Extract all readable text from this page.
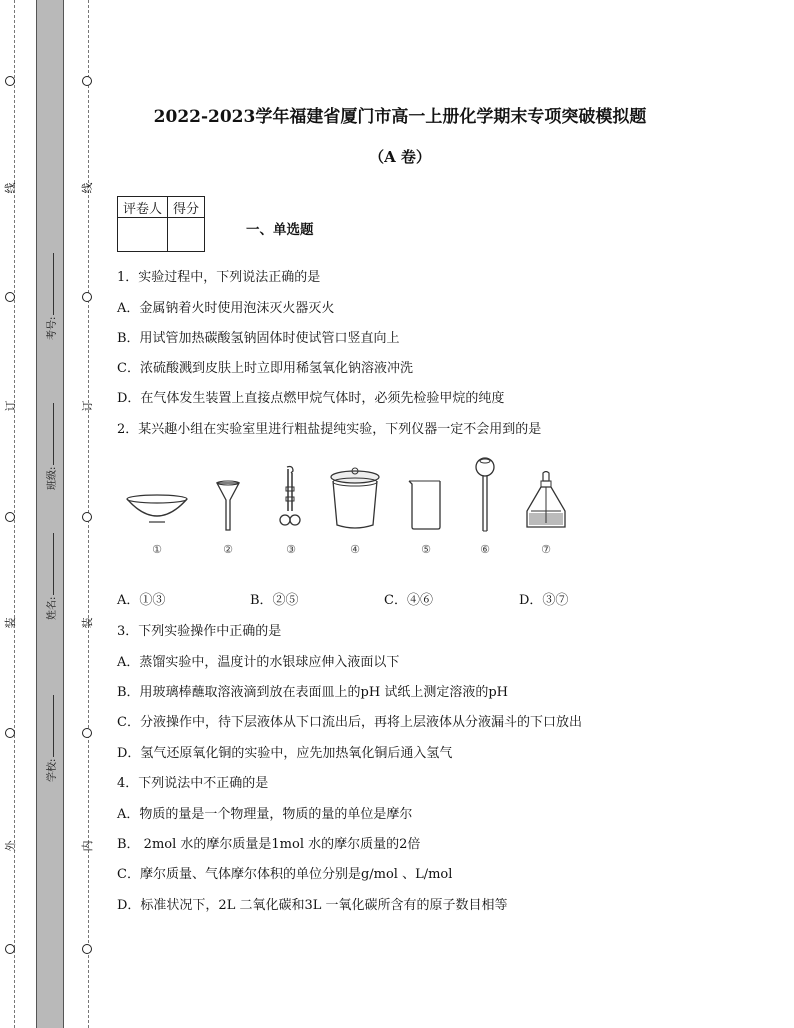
线
订
装
外
线
订
装
内
考号:
班级:
姓名:
学校:
2022-2023学年福建省厦门市高一上册化学期末专项突破模拟题
（A 卷）
评卷人	得分

一、单选题
1．实验过程中，下列说法正确的是
A．金属钠着火时使用泡沫灭火器灭火
B．用试管加热碳酸氢钠固体时使试管口竖直向上
C．浓硫酸溅到皮肤上时立即用稀氢氧化钠溶液冲洗
D．在气体发生装置上直接点燃甲烷气体时，必须先检验甲烷的纯度
2．某兴趣小组在实验室里进行粗盐提纯实验，下列仪器一定不会用到的是
①	②	③	④	⑤	⑥	⑦
A．①③	B．②⑤	C．④⑥	D．③⑦
3．下列实验操作中正确的是
A．蒸馏实验中，温度计的水银球应伸入液面以下
B．用玻璃棒蘸取溶液滴到放在表面皿上的pH 试纸上测定溶液的pH
C．分液操作中，待下层液体从下口流出后，再将上层液体从分液漏斗的下口放出
D．氢气还原氧化铜的实验中，应先加热氧化铜后通入氢气
4．下列说法中不正确的是
A．物质的量是一个物理量，物质的量的单位是摩尔
B． 2mol 水的摩尔质量是1mol 水的摩尔质量的2倍
C．摩尔质量、气体摩尔体积的单位分别是g/mol 、L/mol
D．标准状况下，2L 二氧化碳和3L 一氧化碳所含有的原子数目相等
